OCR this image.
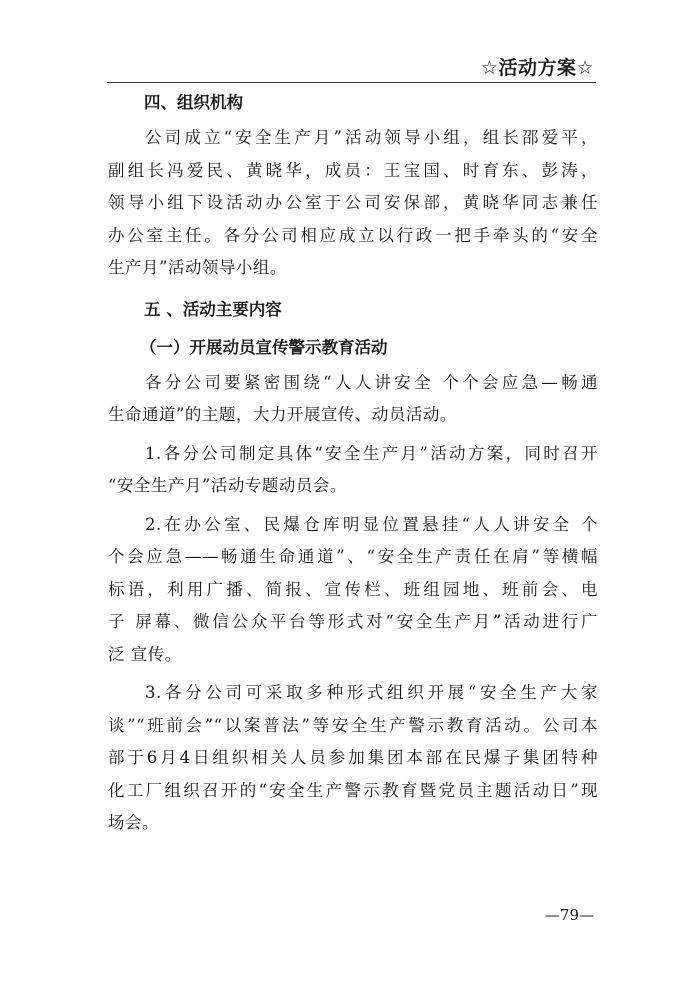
☆活动方案☆
四、组织机构
公司成立“安全生产月”活动领导小组，组长邵爱平，
副组长冯爱民、黄晓华，成员：王宝国、时育东、彭涛，
领导小组下设活动办公室于公司安保部，黄晓华同志兼任
办公室主任。各分公司相应成立以行政一把手牵头的“安全
生产月”活动领导小组。
五 、活动主要内容
（一）开展动员宣传警示教育活动
各分公司要紧密围绕“人人讲安全 个个会应急—畅通
生命通道”的主题，大力开展宣传、动员活动。
1.各分公司制定具体“安全生产月”活动方案，同时召开
“安全生产月”活动专题动员会。
2.在办公室、民爆仓库明显位置悬挂“人人讲安全 个
个会应急——畅通生命通道”、“安全生产责任在肩”等横幅
标语，利用广播、简报、宣传栏、班组园地、班前会、电
子 屏幕、微信公众平台等形式对“安全生产月”活动进行广
泛 宣传。
3.各分公司可采取多种形式组织开展“安全生产大家
谈”“班前会”“以案普法”等安全生产警示教育活动。公司本
部于6月4日组织相关人员参加集团本部在民爆子集团特种
化工厂组织召开的“安全生产警示教育暨党员主题活动日”现
场会。
—79—
